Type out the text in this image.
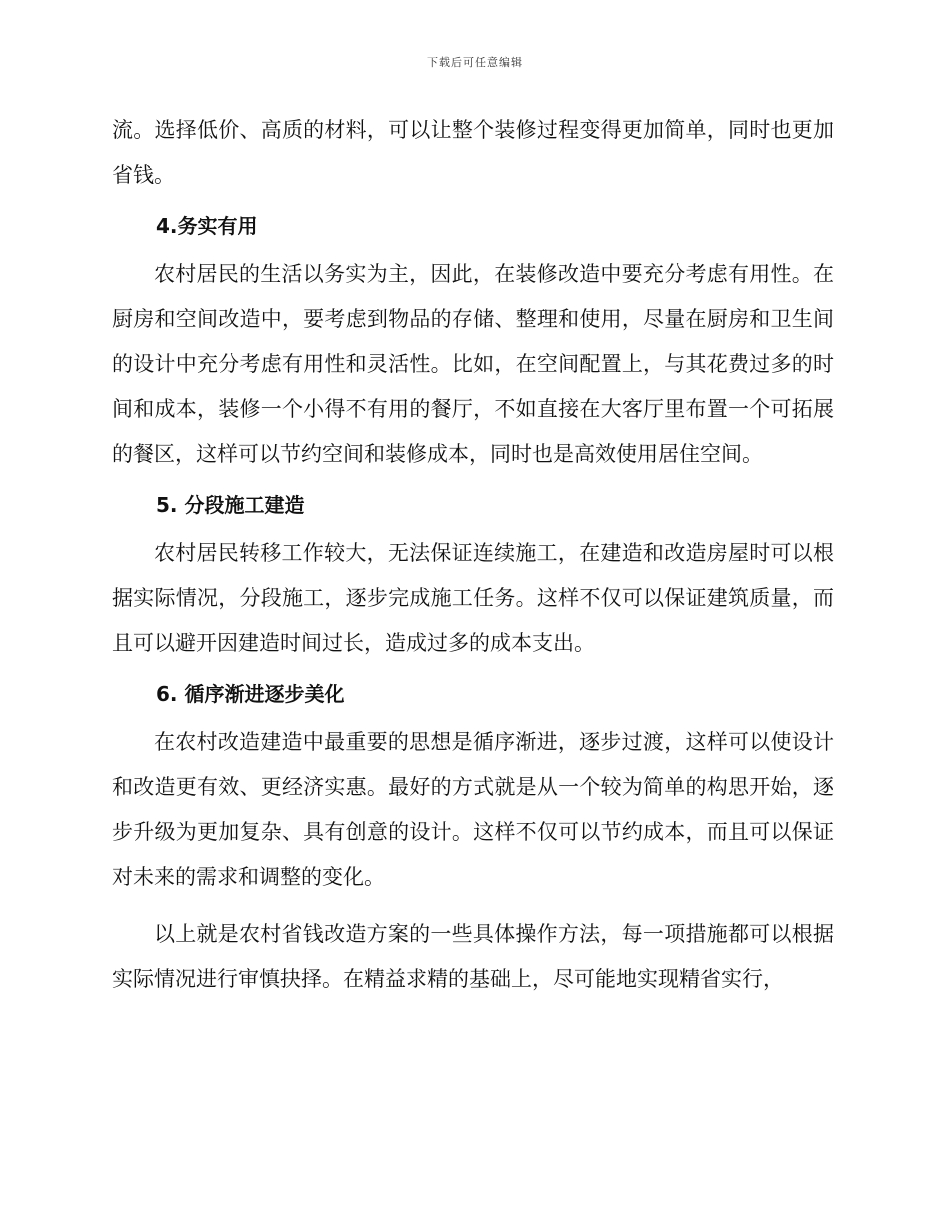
下载后可任意编辑

流。选择低价、高质的材料，可以让整个装修过程变得更加简单，同时也更加省钱。

4.务实有用

农村居民的生活以务实为主，因此，在装修改造中要充分考虑有用性。在厨房和空间改造中，要考虑到物品的存储、整理和使用，尽量在厨房和卫生间的设计中充分考虑有用性和灵活性。比如，在空间配置上，与其花费过多的时间和成本，装修一个小得不有用的餐厅，不如直接在大客厅里布置一个可拓展的餐区，这样可以节约空间和装修成本，同时也是高效使用居住空间。

5. 分段施工建造

农村居民转移工作较大，无法保证连续施工，在建造和改造房屋时可以根据实际情况，分段施工，逐步完成施工任务。这样不仅可以保证建筑质量，而且可以避开因建造时间过长，造成过多的成本支出。

6. 循序渐进逐步美化

在农村改造建造中最重要的思想是循序渐进，逐步过渡，这样可以使设计和改造更有效、更经济实惠。最好的方式就是从一个较为简单的构思开始，逐步升级为更加复杂、具有创意的设计。这样不仅可以节约成本，而且可以保证对未来的需求和调整的变化。

以上就是农村省钱改造方案的一些具体操作方法，每一项措施都可以根据实际情况进行审慎抉择。在精益求精的基础上，尽可能地实现精省实行，
